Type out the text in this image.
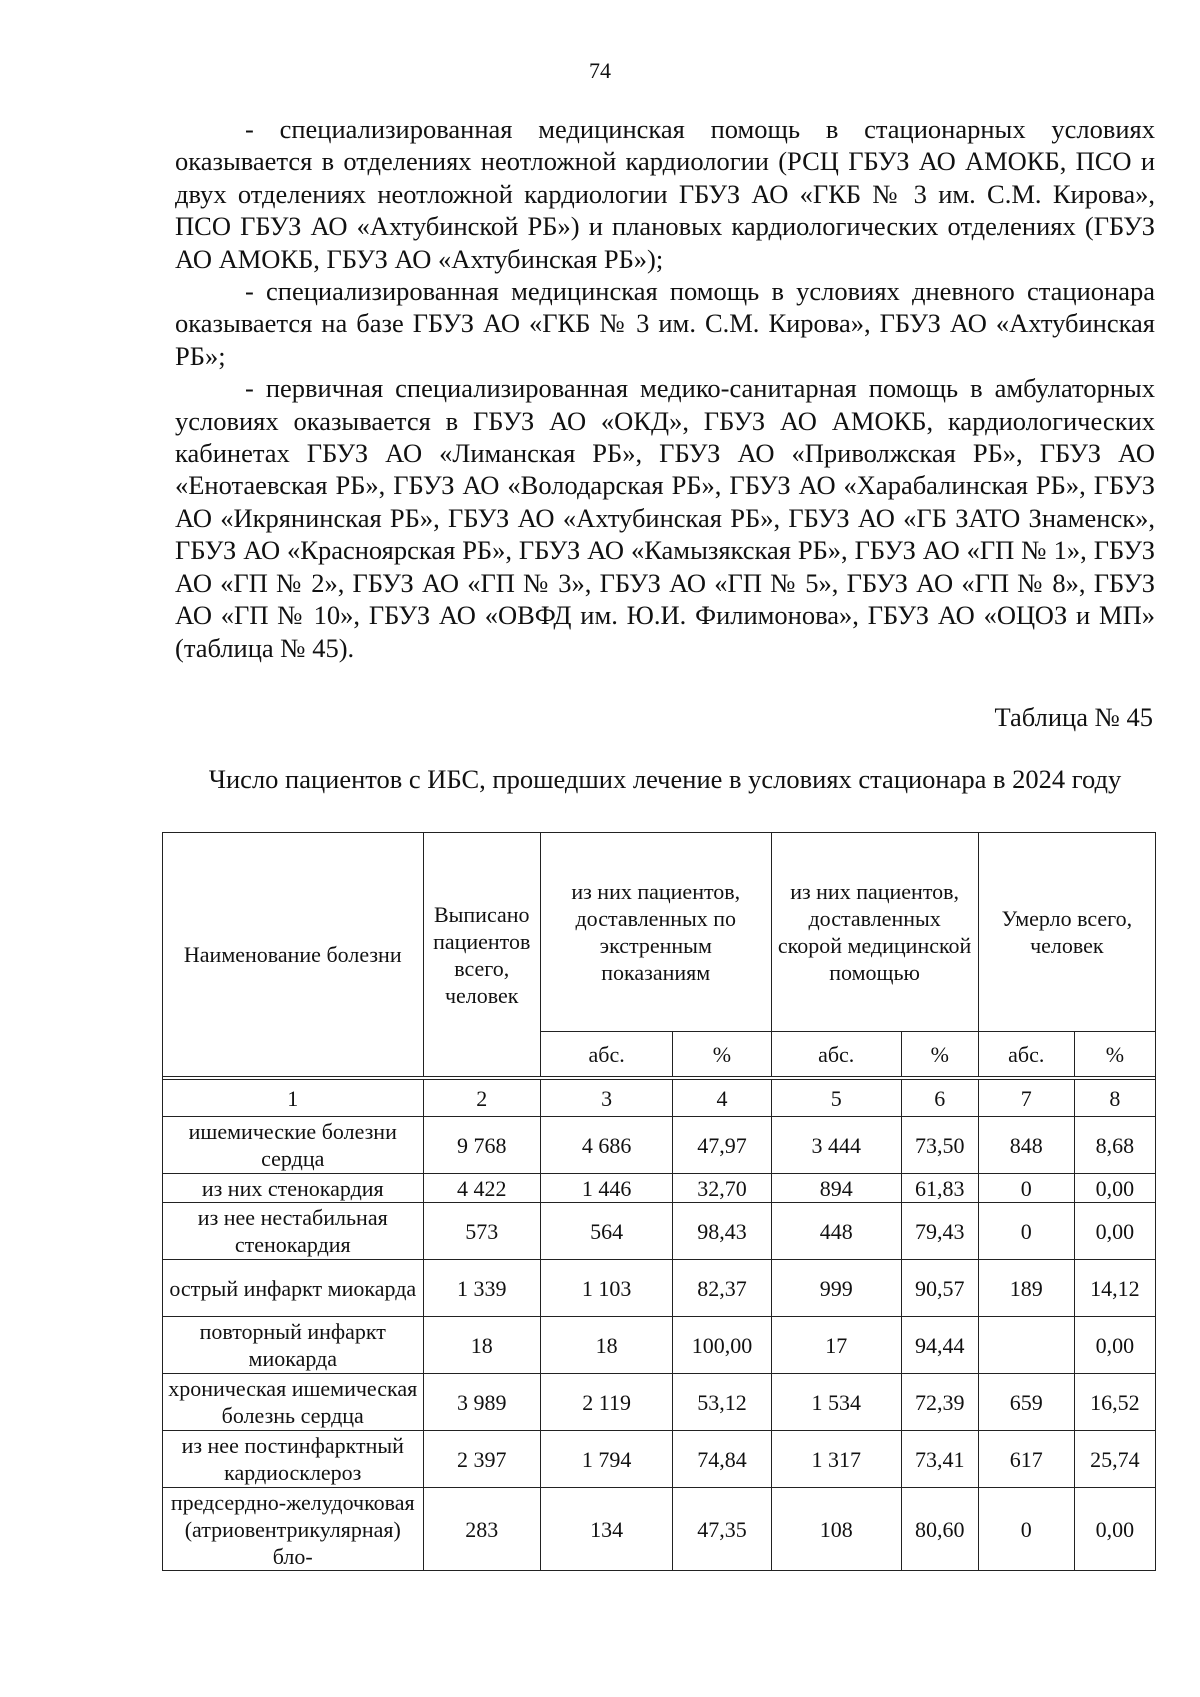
74

- специализированная медицинская помощь в стационарных условиях оказывается в отделениях неотложной кардиологии (РСЦ ГБУЗ АО АМОКБ, ПСО и двух отделениях неотложной кардиологии ГБУЗ АО «ГКБ № 3 им. С.М. Кирова», ПСО ГБУЗ АО «Ахтубинской РБ») и плановых кардиологических отделениях (ГБУЗ АО АМОКБ, ГБУЗ АО «Ахтубинская РБ»);

- специализированная медицинская помощь в условиях дневного стационара оказывается на базе ГБУЗ АО «ГКБ № 3 им. С.М. Кирова», ГБУЗ АО «Ахтубинская РБ»;

- первичная специализированная медико-санитарная помощь в амбулаторных условиях оказывается в ГБУЗ АО «ОКД», ГБУЗ АО АМОКБ, кардиологических кабинетах ГБУЗ АО «Лиманская РБ», ГБУЗ АО «Приволжская РБ», ГБУЗ АО «Енотаевская РБ», ГБУЗ АО «Володарская РБ», ГБУЗ АО «Харабалинская РБ», ГБУЗ АО «Икрянинская РБ», ГБУЗ АО «Ахтубинская РБ», ГБУЗ АО «ГБ ЗАТО Знаменск», ГБУЗ АО «Красноярская РБ», ГБУЗ АО «Камызякская РБ», ГБУЗ АО «ГП № 1», ГБУЗ АО «ГП № 2», ГБУЗ АО «ГП № 3», ГБУЗ АО «ГП № 5», ГБУЗ АО «ГП № 8», ГБУЗ АО «ГП № 10», ГБУЗ АО «ОВФД им. Ю.И. Филимонова», ГБУЗ АО «ОЦОЗ и МП» (таблица № 45).

Таблица № 45
Число пациентов с ИБС, прошедших лечение в условиях стационара в 2024 году
Наименование болезни	Выписано пациентов всего, человек	из них пациентов, доставленных по экстренным показаниям		из них пациентов, доставленных скорой медицинской помощью		Умерло всего, человек	
		абс.	%	абс.	%	абс.	%

1	2	3	4	5	6	7	8
ишемические болезни сердца	9 768	4 686	47,97	3 444	73,50	848	8,68
из них стенокардия	4 422	1 446	32,70	894	61,83	0	0,00
из нее нестабильная стенокардия	573	564	98,43	448	79,43	0	0,00
острый инфаркт миокарда	1 339	1 103	82,37	999	90,57	189	14,12
повторный инфаркт миокарда	18	18	100,00	17	94,44		0,00
хроническая ишемическая болезнь сердца	3 989	2 119	53,12	1 534	72,39	659	16,52
из нее постинфарктный кардиосклероз	2 397	1 794	74,84	1 317	73,41	617	25,74
предсердно-желудочковая (атриовентрикулярная) бло-	283	134	47,35	108	80,60	0	0,00
